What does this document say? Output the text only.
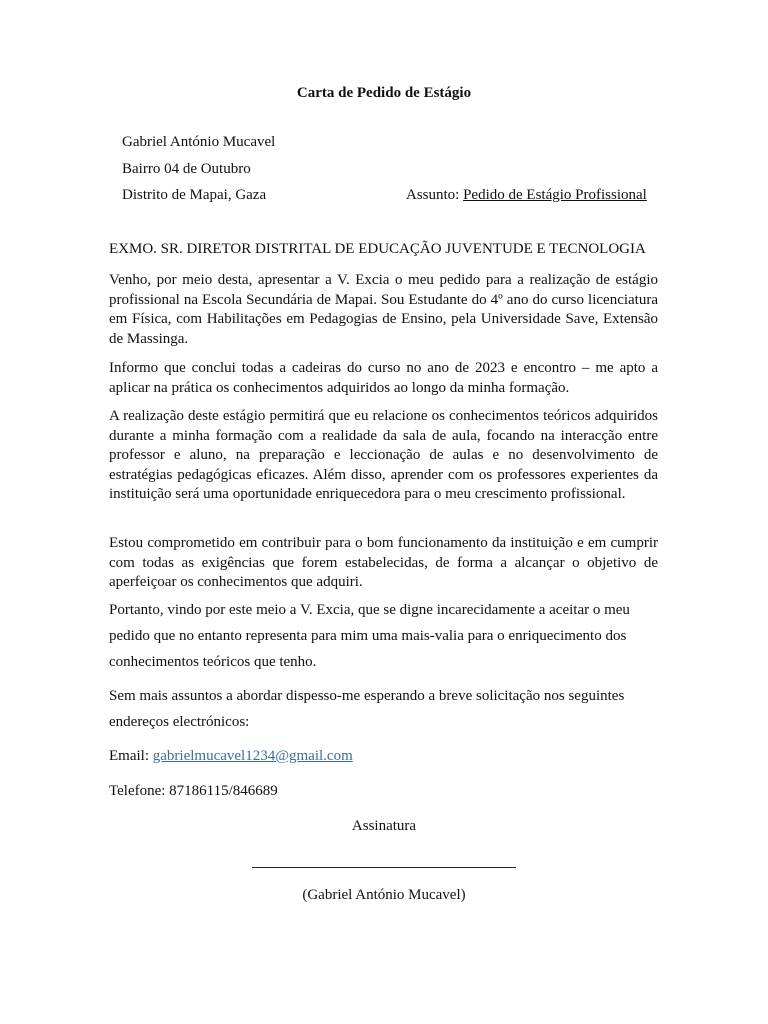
Carta de Pedido de Estágio
Gabriel António Mucavel
Bairro 04 de Outubro
Distrito de Mapai, Gaza	Assunto: Pedido de Estágio Profissional
EXMO. SR. DIRETOR DISTRITAL DE EDUCAÇÃO JUVENTUDE E TECNOLOGIA
Venho, por meio desta, apresentar a V. Excia o meu pedido para a realização de estágio profissional na Escola Secundária de Mapai. Sou Estudante do 4º ano do curso licenciatura em Física, com Habilitações em Pedagogias de Ensino, pela Universidade Save, Extensão de Massinga.
Informo que conclui todas a cadeiras do curso no ano de 2023 e encontro – me apto a aplicar na prática os conhecimentos adquiridos ao longo da minha formação.
A realização deste estágio permitirá que eu relacione os conhecimentos teóricos adquiridos durante a minha formação com a realidade da sala de aula, focando na interacção entre professor e aluno, na preparação e leccionação de aulas e no desenvolvimento de estratégias pedagógicas eficazes. Além disso, aprender com os professores experientes da instituição será uma oportunidade enriquecedora para o meu crescimento profissional.
Estou comprometido em contribuir para o bom funcionamento da instituição e em cumprir com todas as exigências que forem estabelecidas, de forma a alcançar o objetivo de aperfeiçoar os conhecimentos que adquiri.
Portanto, vindo por este meio a V. Excia, que se digne incarecidamente a aceitar o meu pedido que no entanto representa para mim uma mais-valia para o enriquecimento dos conhecimentos teóricos que tenho.
Sem mais assuntos a abordar dispesso-me esperando a breve solicitação nos seguintes endereços electrónicos:
Email: gabrielmucavel1234@gmail.com
Telefone: 87186115/846689
Assinatura
(Gabriel António Mucavel)
